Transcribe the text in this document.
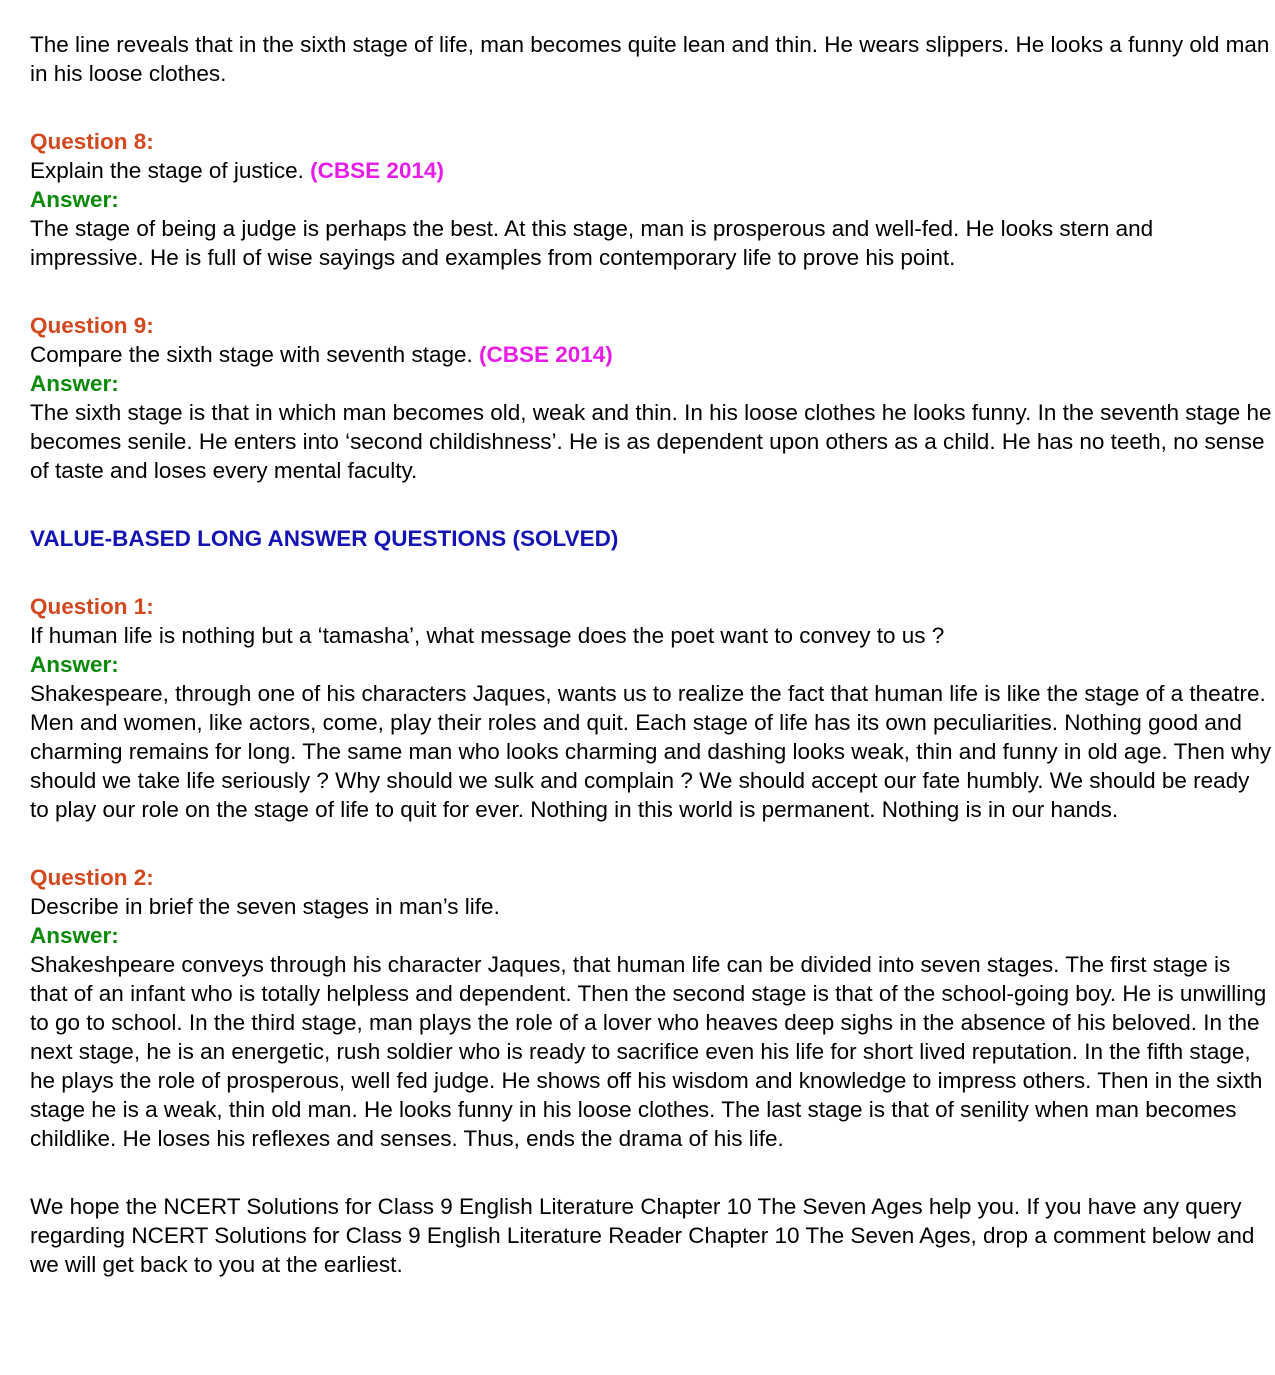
The line reveals that in the sixth stage of life, man becomes quite lean and thin. He wears slippers. He looks a funny old man in his loose clothes.

Question 8:

Explain the stage of justice. (CBSE 2014)

Answer:

The stage of being a judge is perhaps the best. At this stage, man is prosperous and well-fed. He looks stern and impressive. He is full of wise sayings and examples from contemporary life to prove his point.

Question 9:

Compare the sixth stage with seventh stage. (CBSE 2014)

Answer:

The sixth stage is that in which man becomes old, weak and thin. In his loose clothes he looks funny. In the seventh stage he becomes senile. He enters into ‘second childishness’. He is as dependent upon others as a child. He has no teeth, no sense of taste and loses every mental faculty.

VALUE-BASED LONG ANSWER QUESTIONS (SOLVED)

Question 1:

If human life is nothing but a ‘tamasha’, what message does the poet want to convey to us ?

Answer:

Shakespeare, through one of his characters Jaques, wants us to realize the fact that human life is like the stage of a theatre. Men and women, like actors, come, play their roles and quit. Each stage of life has its own peculiarities. Nothing good and charming remains for long. The same man who looks charming and dashing looks weak, thin and funny in old age. Then why should we take life seriously ? Why should we sulk and complain ? We should accept our fate humbly. We should be ready to play our role on the stage of life to quit for ever. Nothing in this world is permanent. Nothing is in our hands.

Question 2:

Describe in brief the seven stages in man’s life.

Answer:

Shakeshpeare conveys through his character Jaques, that human life can be divided into seven stages. The first stage is that of an infant who is totally helpless and dependent. Then the second stage is that of the school-going boy. He is unwilling to go to school. In the third stage, man plays the role of a lover who heaves deep sighs in the absence of his beloved. In the next stage, he is an energetic, rush soldier who is ready to sacrifice even his life for short lived reputation. In the fifth stage, he plays the role of prosperous, well fed judge. He shows off his wisdom and knowledge to impress others. Then in the sixth stage he is a weak, thin old man. He looks funny in his loose clothes. The last stage is that of senility when man becomes childlike. He loses his reflexes and senses. Thus, ends the drama of his life.

We hope the NCERT Solutions for Class 9 English Literature Chapter 10 The Seven Ages help you. If you have any query regarding NCERT Solutions for Class 9 English Literature Reader Chapter 10 The Seven Ages, drop a comment below and we will get back to you at the earliest.
